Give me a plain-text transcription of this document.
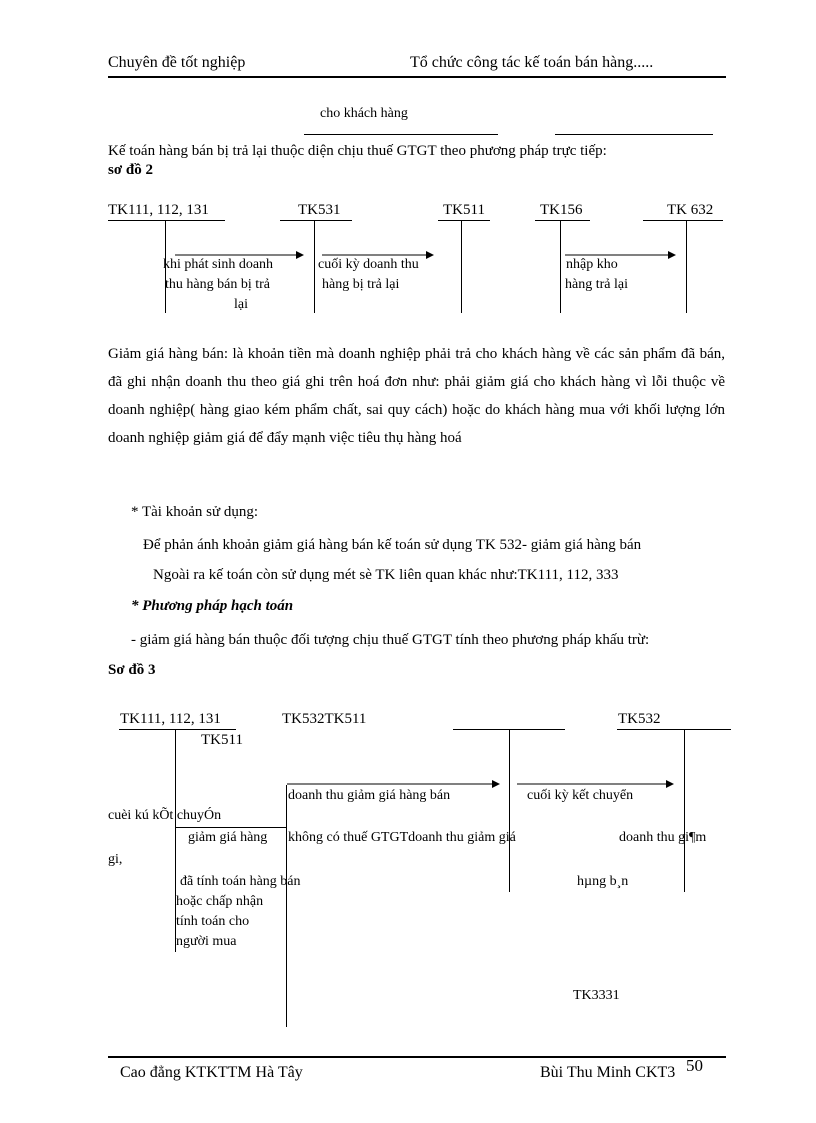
Chuyên đề tốt nghiệp	Tổ chức công tác kế toán bán hàng.....
cho khách hàng
Kế toán hàng bán bị trả lại thuộc diện chịu thuế GTGT theo phương pháp trực tiếp:
sơ đồ 2
TK111, 112, 131	TK531	TK511	TK156	TK 632
khi phát sinh doanh
thu hàng bán bị trả
lại
cuối kỳ doanh thu
hàng bị trả lại
nhập kho
hàng trả lại
Giảm giá hàng bán: là khoản tiền mà doanh nghiệp phải trả cho khách hàng về các sản phẩm đã bán, đã ghi nhận doanh thu theo giá ghi trên hoá đơn như: phải giảm giá cho khách hàng vì lỗi thuộc về doanh nghiệp( hàng giao kém phẩm chất, sai quy cách) hoặc do khách hàng mua với khối lượng lớn doanh nghiệp giảm giá để đẩy mạnh việc tiêu thụ hàng hoá
* Tài khoản sử dụng:
Để phản ánh khoản giảm giá hàng bán kế toán sử dụng TK 532- giảm giá hàng bán
Ngoài ra kế toán còn sử dụng mét sè TK liên quan khác như:TK111, 112, 333
* Phương pháp hạch toán
- giảm giá hàng bán thuộc đối tượng chịu thuế GTGT tính theo phương pháp khấu trừ:
Sơ đồ 3
TK111, 112, 131	TK532TK511	TK532
TK511
cuèi kú kÕt chuyÓn
gi,
giảm giá hàng
doanh thu giảm giá hàng bán
không có thuế GTGTdoanh thu giảm giá
đã tính toán hàng bán
hoặc chấp nhận
tính toán cho
người mua
cuối kỳ kết chuyển
doanh thu gi¶m
hµng b¸n
TK3331
Cao đẳng KTKTTM Hà Tây	Bùi Thu Minh CKT3 50
